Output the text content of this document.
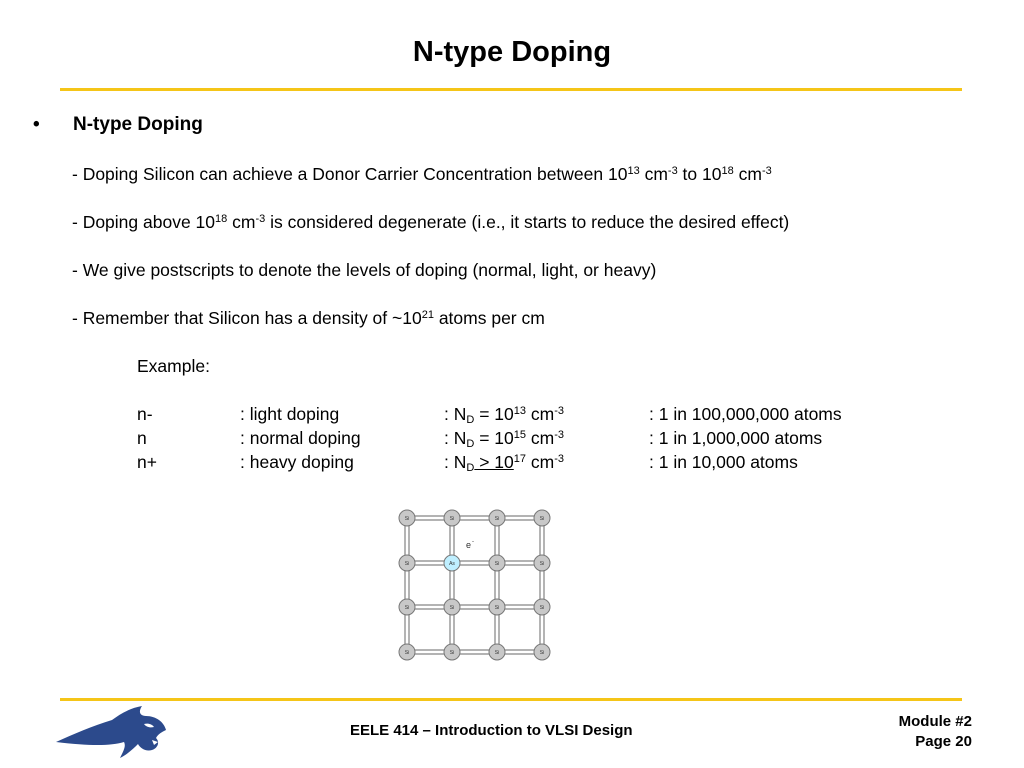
N-type Doping
• N-type Doping
- Doping Silicon can achieve a Donor Carrier Concentration between $10^{13}$ $cm^{-3}$ to $10^{18}$ $cm^{-3}$
- Doping above $10^{18}$ $cm^{-3}$ is considered degenerate (i.e., it starts to reduce the desired effect)
- We give postscripts to denote the levels of doping (normal, light, or heavy)
- Remember that Silicon has a density of $\sim 10^{21}$ atoms per cm
Example:
n-	: light doping	: $N_D = 10^{13}$ $cm^{-3}$	: 1 in 100,000,000 atoms
n	: normal doping	: $N_D = 10^{15}$ $cm^{-3}$	: 1 in 1,000,000 atoms
n+	: heavy doping	: $N_D > 10^{17}$ $cm^{-3}$	: 1 in 10,000 atoms
Si	Si	Si	Si
Si	As	Si	Si
Si	Si	Si	Si
Si	Si	Si	Si
e -
EELE 414 – Introduction to VLSI Design
Module #2
Page 20
